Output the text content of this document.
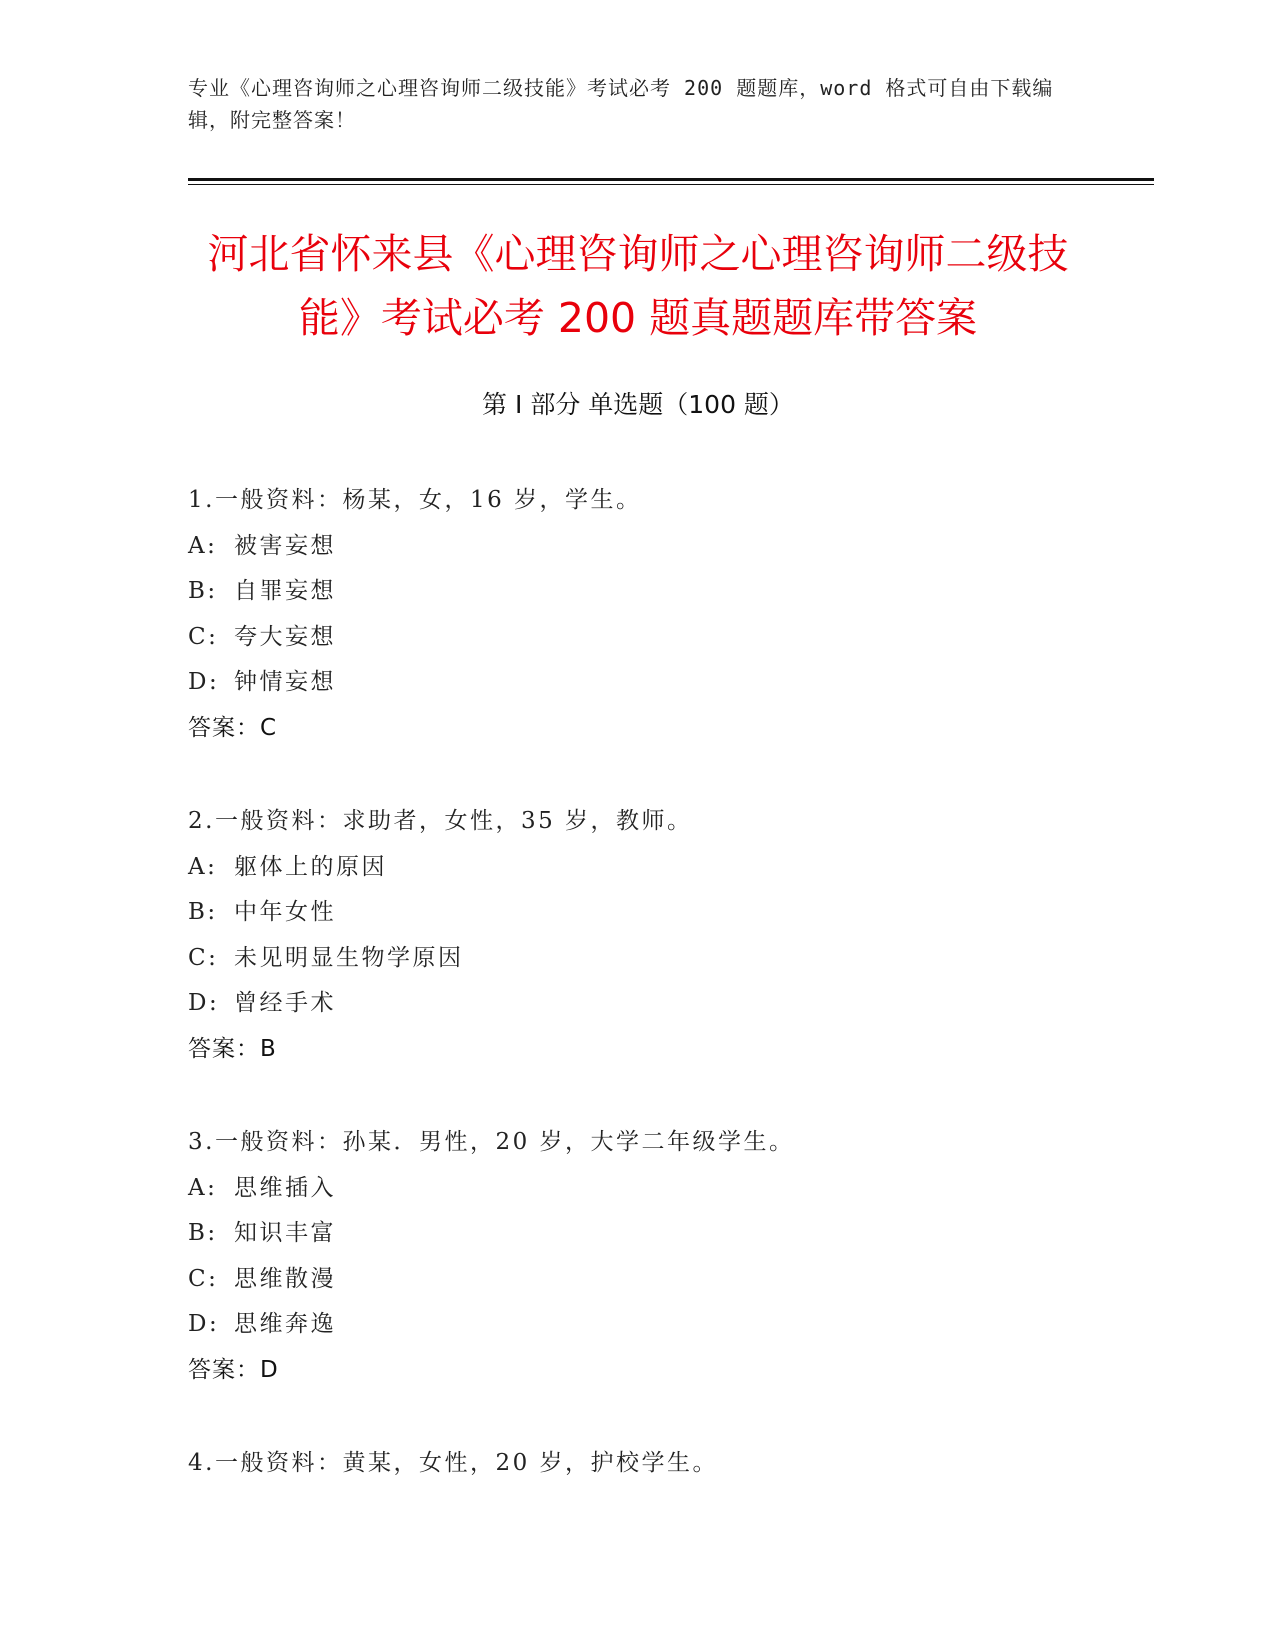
专业《心理咨询师之心理咨询师二级技能》考试必考 200 题题库，word 格式可自由下载编辑，附完整答案！
河北省怀来县《心理咨询师之心理咨询师二级技能》考试必考 200 题真题题库带答案
第 I 部分 单选题（100 题）
1.一般资料：杨某，女，16 岁，学生。
A: 被害妄想
B: 自罪妄想
C: 夸大妄想
D: 钟情妄想
答案：C
2.一般资料：求助者，女性，35 岁，教师。
A: 躯体上的原因
B: 中年女性
C: 未见明显生物学原因
D: 曾经手术
答案：B
3.一般资料：孙某．男性，20 岁，大学二年级学生。
A: 思维插入
B: 知识丰富
C: 思维散漫
D: 思维奔逸
答案：D
4.一般资料：黄某，女性，20 岁，护校学生。
